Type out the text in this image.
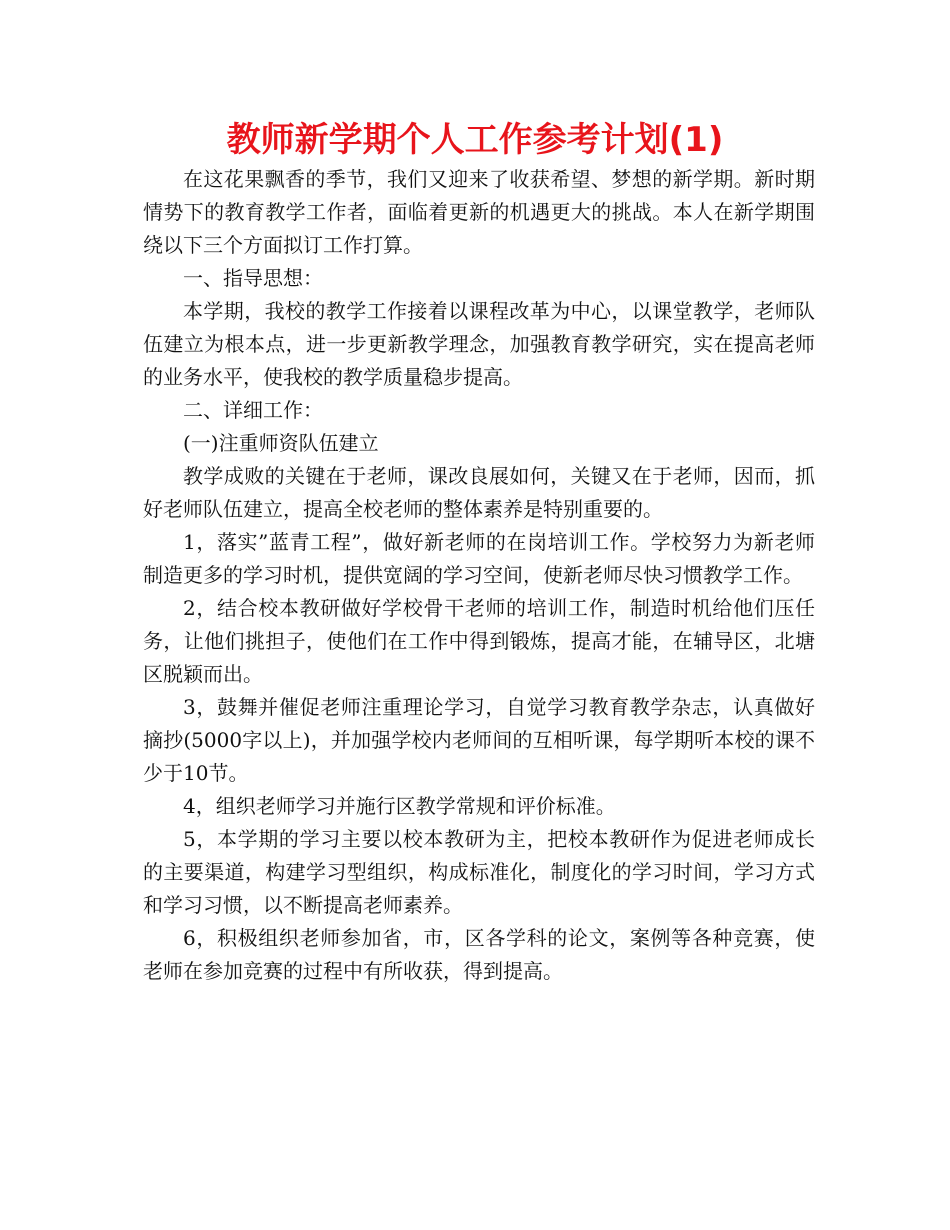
教师新学期个人工作参考计划(1)

在这花果飘香的季节，我们又迎来了收获希望、梦想的新学期。新时期情势下的教育教学工作者，面临着更新的机遇更大的挑战。本人在新学期围绕以下三个方面拟订工作打算。

一、指导思想：

本学期，我校的教学工作接着以课程改革为中心，以课堂教学，老师队伍建立为根本点，进一步更新教学理念，加强教育教学研究，实在提高老师的业务水平，使我校的教学质量稳步提高。

二、详细工作：

(一)注重师资队伍建立

教学成败的关键在于老师，课改良展如何，关键又在于老师，因而，抓好老师队伍建立，提高全校老师的整体素养是特别重要的。

1，落实”蓝青工程”，做好新老师的在岗培训工作。学校努力为新老师制造更多的学习时机，提供宽阔的学习空间，使新老师尽快习惯教学工作。

2，结合校本教研做好学校骨干老师的培训工作，制造时机给他们压任务，让他们挑担子，使他们在工作中得到锻炼，提高才能，在辅导区，北塘区脱颖而出。

3，鼓舞并催促老师注重理论学习，自觉学习教育教学杂志，认真做好摘抄(5000字以上)，并加强学校内老师间的互相听课，每学期听本校的课不少于10节。

4，组织老师学习并施行区教学常规和评价标准。

5，本学期的学习主要以校本教研为主，把校本教研作为促进老师成长的主要渠道，构建学习型组织，构成标准化，制度化的学习时间，学习方式和学习习惯，以不断提高老师素养。

6，积极组织老师参加省，市，区各学科的论文，案例等各种竞赛，使老师在参加竞赛的过程中有所收获，得到提高。
